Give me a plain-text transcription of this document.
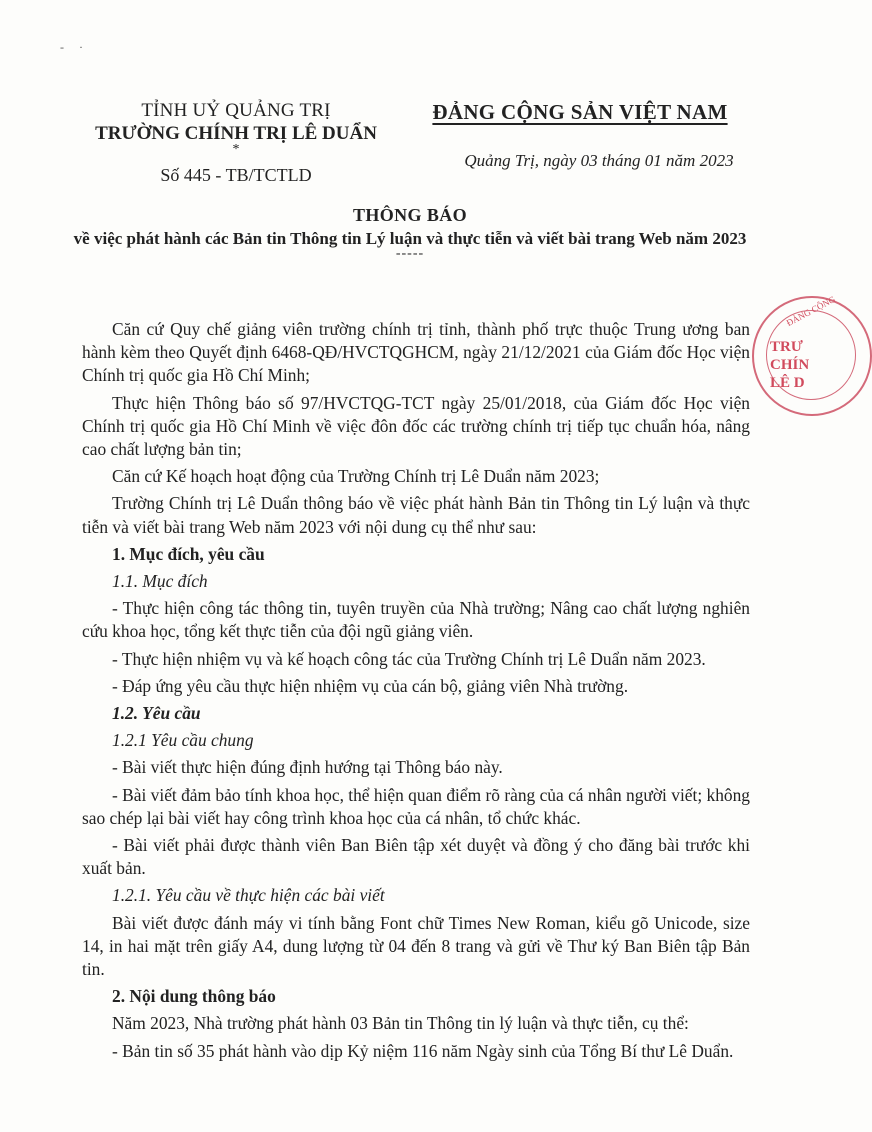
- ·
TỈNH UỶ QUẢNG TRỊ
TRƯỜNG CHÍNH TRỊ LÊ DUẨN
*
Số 445 - TB/TCTLD
ĐẢNG CỘNG SẢN VIỆT NAM
Quảng Trị, ngày 03 tháng 01 năm 2023
THÔNG BÁO
về việc phát hành các Bản tin Thông tin Lý luận và thực tiễn và viết bài trang Web năm 2023
-----
ĐẢNG CỘNG
TRƯ
CHÍN
LÊ D

Căn cứ Quy chế giảng viên trường chính trị tỉnh, thành phố trực thuộc Trung ương ban hành kèm theo Quyết định 6468-QĐ/HVCTQGHCM, ngày 21/12/2021 của Giám đốc Học viện Chính trị quốc gia Hồ Chí Minh;

Thực hiện Thông báo số 97/HVCTQG-TCT ngày 25/01/2018, của Giám đốc Học viện Chính trị quốc gia Hồ Chí Minh về việc đôn đốc các trường chính trị tiếp tục chuẩn hóa, nâng cao chất lượng bản tin;

Căn cứ Kế hoạch hoạt động của Trường Chính trị Lê Duẩn năm 2023;

Trường Chính trị Lê Duẩn thông báo về việc phát hành Bản tin Thông tin Lý luận và thực tiễn và viết bài trang Web năm 2023 với nội dung cụ thể như sau:

1. Mục đích, yêu cầu

1.1. Mục đích

- Thực hiện công tác thông tin, tuyên truyền của Nhà trường; Nâng cao chất lượng nghiên cứu khoa học, tổng kết thực tiễn của đội ngũ giảng viên.

- Thực hiện nhiệm vụ và kế hoạch công tác của Trường Chính trị Lê Duẩn năm 2023.

- Đáp ứng yêu cầu thực hiện nhiệm vụ của cán bộ, giảng viên Nhà trường.

1.2. Yêu cầu

1.2.1 Yêu cầu chung

- Bài viết thực hiện đúng định hướng tại Thông báo này.

- Bài viết đảm bảo tính khoa học, thể hiện quan điểm rõ ràng của cá nhân người viết; không sao chép lại bài viết hay công trình khoa học của cá nhân, tổ chức khác.

- Bài viết phải được thành viên Ban Biên tập xét duyệt và đồng ý cho đăng bài trước khi xuất bản.

1.2.1. Yêu cầu về thực hiện các bài viết

Bài viết được đánh máy vi tính bằng Font chữ Times New Roman, kiểu gõ Unicode, size 14, in hai mặt trên giấy A4, dung lượng từ 04 đến 8 trang và gửi về Thư ký Ban Biên tập Bản tin.

2. Nội dung thông báo

Năm 2023, Nhà trường phát hành 03 Bản tin Thông tin lý luận và thực tiễn, cụ thể:

- Bản tin số 35 phát hành vào dịp Kỷ niệm 116 năm Ngày sinh của Tổng Bí thư Lê Duẩn.
